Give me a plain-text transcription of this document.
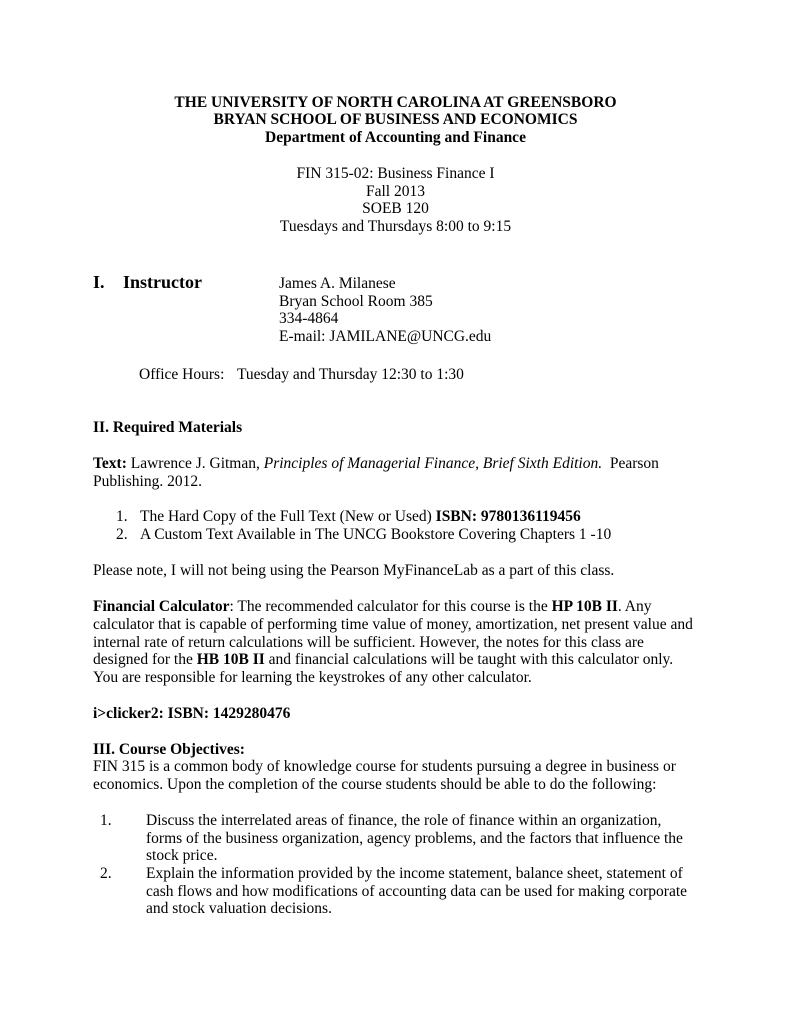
THE UNIVERSITY OF NORTH CAROLINA AT GREENSBORO
BRYAN SCHOOL OF BUSINESS AND ECONOMICS
Department of Accounting and Finance
FIN 315-02: Business Finance I
Fall 2013
SOEB 120
Tuesdays and Thursdays 8:00 to 9:15
I. Instructor	James A. Milanese
Bryan School Room 385
334-4864
E-mail: JAMILANE@UNCG.edu
Office Hours: Tuesday and Thursday 12:30 to 1:30
II. Required Materials
Text: Lawrence J. Gitman, Principles of Managerial Finance, Brief Sixth Edition.  Pearson
Publishing. 2012.
1. The Hard Copy of the Full Text (New or Used) ISBN: 9780136119456
2. A Custom Text Available in The UNCG Bookstore Covering Chapters 1 -10
Please note, I will not being using the Pearson MyFinanceLab as a part of this class.
Financial Calculator: The recommended calculator for this course is the HP 10B II. Any
calculator that is capable of performing time value of money, amortization, net present value and
internal rate of return calculations will be sufficient. However, the notes for this class are
designed for the HB 10B II and financial calculations will be taught with this calculator only.
You are responsible for learning the keystrokes of any other calculator.
i>clicker2: ISBN: 1429280476
III. Course Objectives:
FIN 315 is a common body of knowledge course for students pursuing a degree in business or
economics. Upon the completion of the course students should be able to do the following:
1. Discuss the interrelated areas of finance, the role of finance within an organization,
forms of the business organization, agency problems, and the factors that influence the
stock price.
2. Explain the information provided by the income statement, balance sheet, statement of
cash flows and how modifications of accounting data can be used for making corporate
and stock valuation decisions.
